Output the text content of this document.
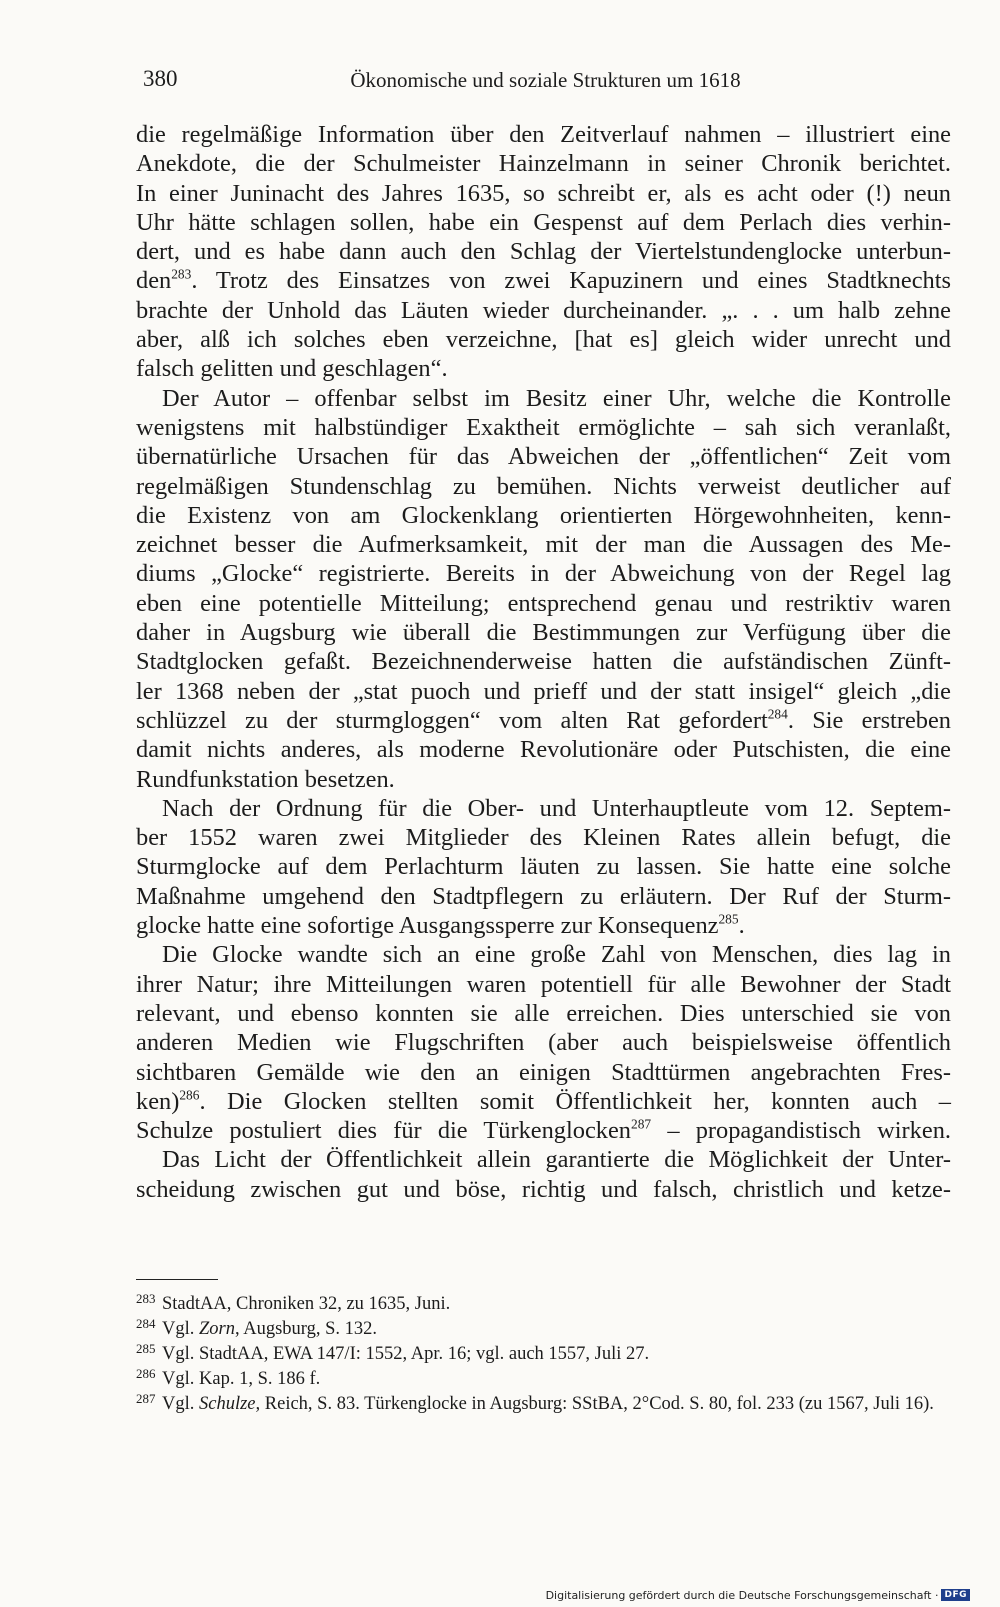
380	Ökonomische und soziale Strukturen um 1618

die regelmäßige Information über den Zeitverlauf nahmen – illustriert eine

Anekdote, die der Schulmeister Hainzelmann in seiner Chronik berichtet.

In einer Juninacht des Jahres 1635, so schreibt er, als es acht oder (!) neun

Uhr hätte schlagen sollen, habe ein Gespenst auf dem Perlach dies verhin-

dert, und es habe dann auch den Schlag der Viertelstundenglocke unterbun-

den$^{283}$. Trotz des Einsatzes von zwei Kapuzinern und eines Stadtknechts

brachte der Unhold das Läuten wieder durcheinander. „. . . um halb zehne

aber, alß ich solches eben verzeichne, [hat es] gleich wider unrecht und

falsch gelitten und geschlagen“.

Der Autor – offenbar selbst im Besitz einer Uhr, welche die Kontrolle

wenigstens mit halbstündiger Exaktheit ermöglichte – sah sich veranlaßt,

übernatürliche Ursachen für das Abweichen der „öffentlichen“ Zeit vom

regelmäßigen Stundenschlag zu bemühen. Nichts verweist deutlicher auf

die Existenz von am Glockenklang orientierten Hörgewohnheiten, kenn-

zeichnet besser die Aufmerksamkeit, mit der man die Aussagen des Me-

diums „Glocke“ registrierte. Bereits in der Abweichung von der Regel lag

eben eine potentielle Mitteilung; entsprechend genau und restriktiv waren

daher in Augsburg wie überall die Bestimmungen zur Verfügung über die

Stadtglocken gefaßt. Bezeichnenderweise hatten die aufständischen Zünft-

ler 1368 neben der „stat puoch und prieff und der statt insigel“ gleich „die

schlüzzel zu der sturmgloggen“ vom alten Rat gefordert$^{284}$. Sie erstreben

damit nichts anderes, als moderne Revolutionäre oder Putschisten, die eine

Rundfunkstation besetzen.

Nach der Ordnung für die Ober- und Unterhauptleute vom 12. Septem-

ber 1552 waren zwei Mitglieder des Kleinen Rates allein befugt, die

Sturmglocke auf dem Perlachturm läuten zu lassen. Sie hatte eine solche

Maßnahme umgehend den Stadtpflegern zu erläutern. Der Ruf der Sturm-

glocke hatte eine sofortige Ausgangssperre zur Konsequenz$^{285}$.

Die Glocke wandte sich an eine große Zahl von Menschen, dies lag in

ihrer Natur; ihre Mitteilungen waren potentiell für alle Bewohner der Stadt

relevant, und ebenso konnten sie alle erreichen. Dies unterschied sie von

anderen Medien wie Flugschriften (aber auch beispielsweise öffentlich

sichtbaren Gemälde wie den an einigen Stadttürmen angebrachten Fres-

ken)$^{286}$. Die Glocken stellten somit Öffentlichkeit her, konnten auch –

Schulze postuliert dies für die Türkenglocken$^{287}$ – propagandistisch wirken.

Das Licht der Öffentlichkeit allein garantierte die Möglichkeit der Unter-

scheidung zwischen gut und böse, richtig und falsch, christlich und ketze-

283 StadtAA, Chroniken 32, zu 1635, Juni.

284 Vgl. Zorn, Augsburg, S. 132.

285 Vgl. StadtAA, EWA 147/I: 1552, Apr. 16; vgl. auch 1557, Juli 27.

286 Vgl. Kap. 1, S. 186 f.

287 Vgl. Schulze, Reich, S. 83. Türkenglocke in Augsburg: SStBA, 2°Cod. S. 80, fol. 233 (zu 1567, Juli 16).

Digitalisierung gefördert durch die Deutsche Forschungsgemeinschaft · DFG
